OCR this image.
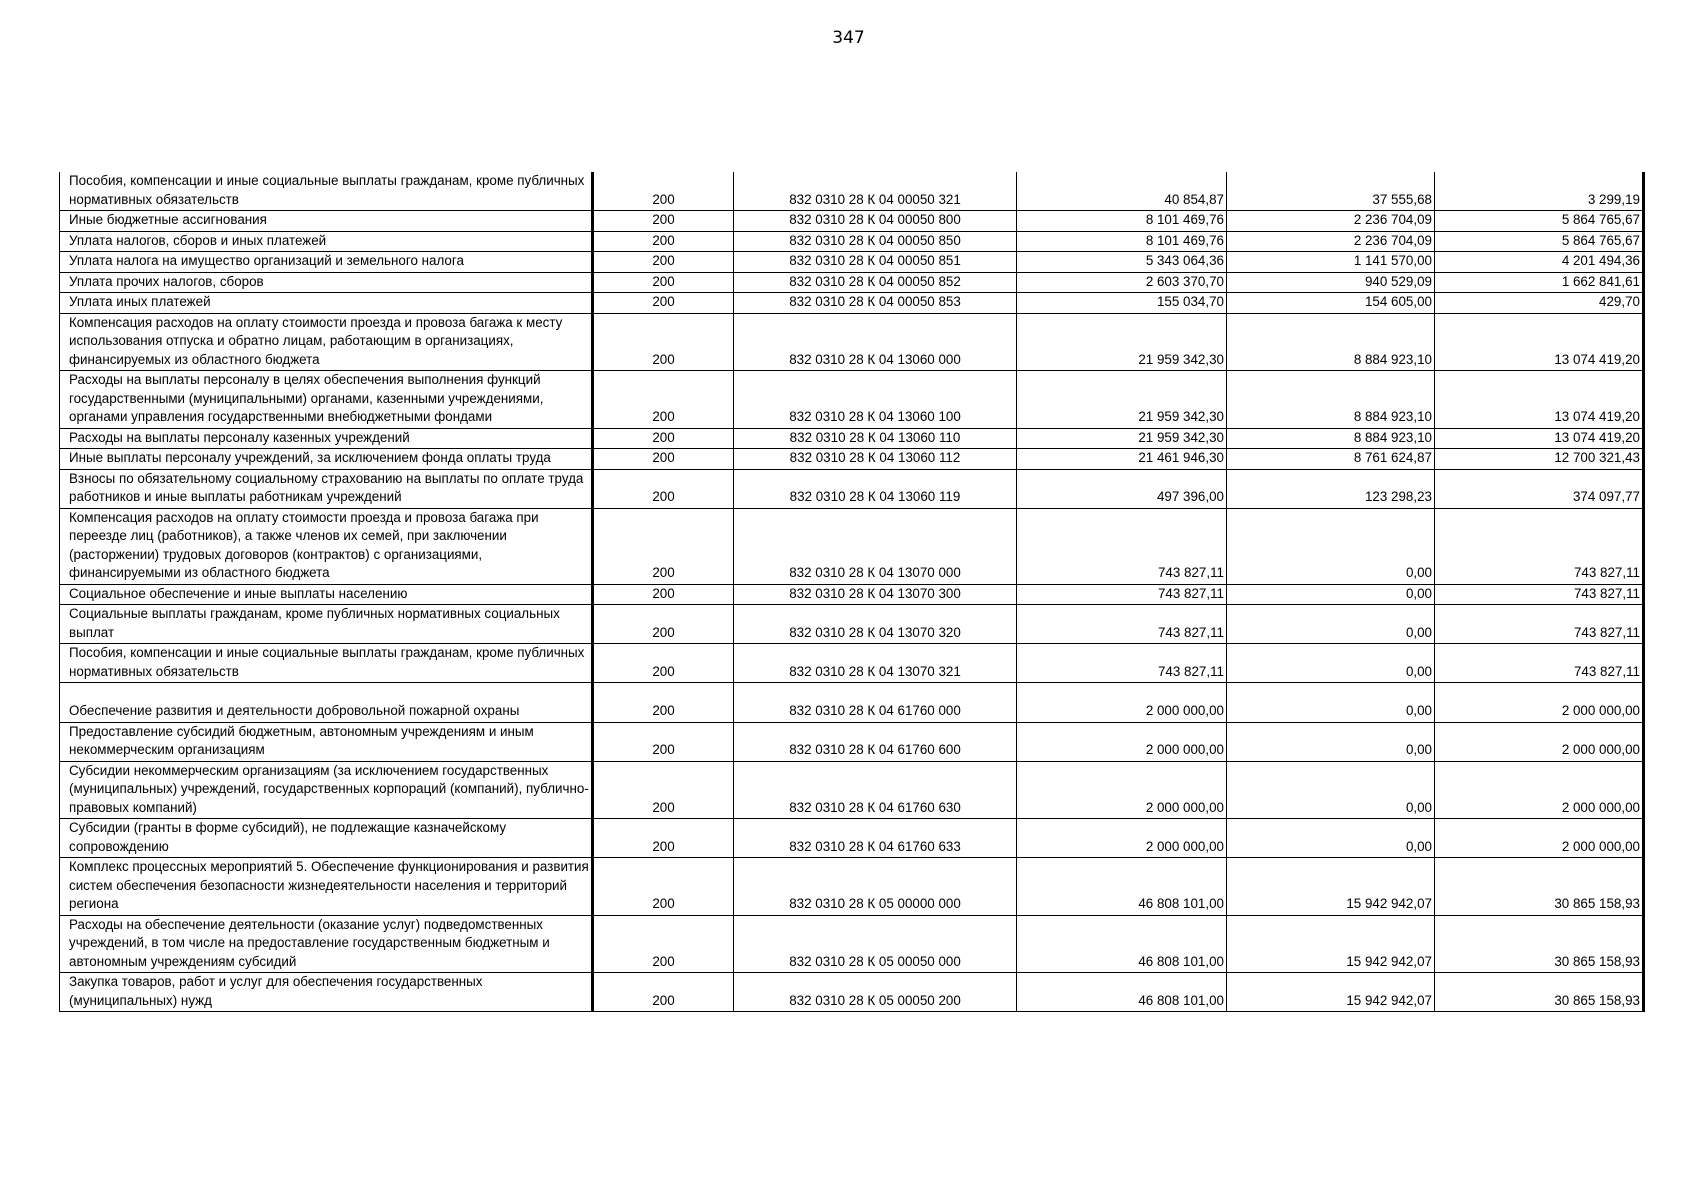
347
Пособия, компенсации и иные социальные выплаты гражданам, кроме публичных нормативных обязательств	200	832 0310 28 К 04 00050 321	40 854,87	37 555,68	3 299,19

Иные бюджетные ассигнования	200	832 0310 28 К 04 00050 800	8 101 469,76	2 236 704,09	5 864 765,67

Уплата налогов, сборов и иных платежей	200	832 0310 28 К 04 00050 850	8 101 469,76	2 236 704,09	5 864 765,67

Уплата налога на имущество организаций и земельного налога	200	832 0310 28 К 04 00050 851	5 343 064,36	1 141 570,00	4 201 494,36

Уплата прочих налогов, сборов	200	832 0310 28 К 04 00050 852	2 603 370,70	940 529,09	1 662 841,61

Уплата иных платежей	200	832 0310 28 К 04 00050 853	155 034,70	154 605,00	429,70

Компенсация расходов на оплату стоимости проезда и провоза багажа к месту использования отпуска и обратно лицам, работающим в организациях, финансируемых из областного бюджета	200	832 0310 28 К 04 13060 000	21 959 342,30	8 884 923,10	13 074 419,20

Расходы на выплаты персоналу в целях обеспечения выполнения функций государственными (муниципальными) органами, казенными учреждениями, органами управления государственными внебюджетными фондами	200	832 0310 28 К 04 13060 100	21 959 342,30	8 884 923,10	13 074 419,20

Расходы на выплаты персоналу казенных учреждений	200	832 0310 28 К 04 13060 110	21 959 342,30	8 884 923,10	13 074 419,20

Иные выплаты персоналу учреждений, за исключением фонда оплаты труда	200	832 0310 28 К 04 13060 112	21 461 946,30	8 761 624,87	12 700 321,43

Взносы по обязательному социальному страхованию на выплаты по оплате труда работников и иные выплаты работникам учреждений	200	832 0310 28 К 04 13060 119	497 396,00	123 298,23	374 097,77

Компенсация расходов на оплату стоимости проезда и провоза багажа при переезде лиц (работников), а также членов их семей, при заключении (расторжении) трудовых договоров (контрактов) с организациями, финансируемыми из областного бюджета	200	832 0310 28 К 04 13070 000	743 827,11	0,00	743 827,11

Социальное обеспечение и иные выплаты населению	200	832 0310 28 К 04 13070 300	743 827,11	0,00	743 827,11

Социальные выплаты гражданам, кроме публичных нормативных социальных выплат	200	832 0310 28 К 04 13070 320	743 827,11	0,00	743 827,11

Пособия, компенсации и иные социальные выплаты гражданам, кроме публичных нормативных обязательств	200	832 0310 28 К 04 13070 321	743 827,11	0,00	743 827,11

Обеспечение развития и деятельности добровольной пожарной охраны	200	832 0310 28 К 04 61760 000	2 000 000,00	0,00	2 000 000,00

Предоставление субсидий бюджетным, автономным учреждениям и иным некоммерческим организациям	200	832 0310 28 К 04 61760 600	2 000 000,00	0,00	2 000 000,00

Субсидии некоммерческим организациям (за исключением государственных (муниципальных) учреждений, государственных корпораций (компаний), публично-правовых компаний)	200	832 0310 28 К 04 61760 630	2 000 000,00	0,00	2 000 000,00

Субсидии (гранты в форме субсидий), не подлежащие казначейскому сопровождению	200	832 0310 28 К 04 61760 633	2 000 000,00	0,00	2 000 000,00

Комплекс процессных мероприятий 5. Обеспечение функционирования и развития систем обеспечения безопасности жизнедеятельности населения и территорий региона	200	832 0310 28 К 05 00000 000	46 808 101,00	15 942 942,07	30 865 158,93

Расходы на обеспечение деятельности (оказание услуг) подведомственных учреждений, в том числе на предоставление государственным бюджетным и автономным учреждениям субсидий	200	832 0310 28 К 05 00050 000	46 808 101,00	15 942 942,07	30 865 158,93

Закупка товаров, работ и услуг для обеспечения государственных (муниципальных) нужд	200	832 0310 28 К 05 00050 200	46 808 101,00	15 942 942,07	30 865 158,93
